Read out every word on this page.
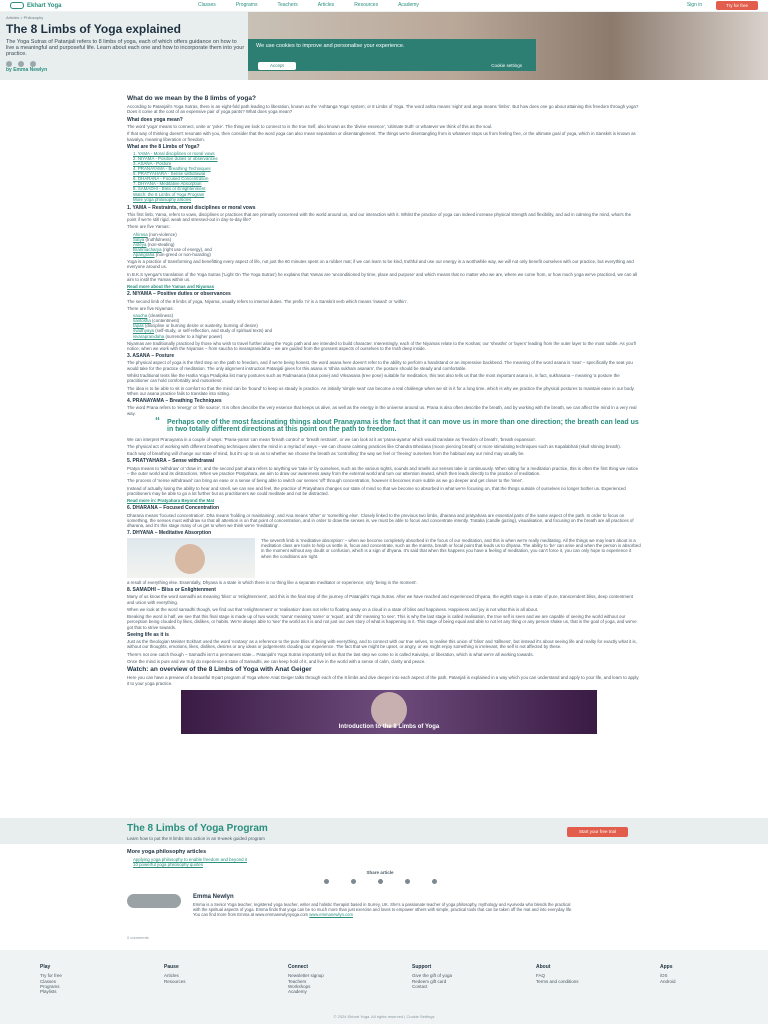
Ekhart Yoga	Classes	Programs	Teachers	Articles	Resources	Academy	Sign in	Try for free
Articles > Philosophy
The 8 Limbs of Yoga explained
The Yoga Sutras of Patanjali refers to 8 limbs of yoga, each of which offers guidance on how to live a meaningful and purposeful life. Learn about each one and how to incorporate them into your practice.
by Emma Newlyn
We use cookies to improve and personalise your experience.
Accept	Cookie settings
What do we mean by the 8 limbs of yoga?
According to Patanjali's Yoga Sutras, there is an eight-fold path leading to liberation, known as the 'Ashtanga Yoga' system; or 8 Limbs of Yoga. The word ashta means 'eight' and anga means 'limbs'. But how does one go about attaining this freedom through yoga? Does it come at the cost of an expensive pair of yoga pants? What does yoga mean?
What does yoga mean?
The word 'yoga' means to connect, unite or 'yoke'. The thing we look to connect to is the true Self, also known as the 'divine essence', 'ultimate truth' or whatever we think of this as the soul.
If that way of thinking doesn't resonate with you, then consider that the word yoga can also mean separation or disentanglement. The things we're disentangling from is whatever stops us from feeling free, or the ultimate goal of yoga, which in Sanskrit is known as kaivalya, meaning liberation or freedom.
What are the 8 Limbs of Yoga?
1. YAMA - Moral disciplines or moral vows
2. NIYAMA - Positive duties or observances
3. ASANA - Posture
4. PRANAYAMA - Breathing Techniques
5. PRATYAHARA - Sense withdrawal
6. DHARANA - Focused Concentration
7. DHYANA - Meditative Absorption
8. SAMADHI - Bliss or Enlightenment
Watch: the 8 Limbs of Yoga Program
More yoga philosophy articles
1. YAMA – Restraints, moral disciplines or moral vows
This first limb, Yama, refers to vows, disciplines or practices that are primarily concerned with the world around us, and our interaction with it. Whilst the practice of yoga can indeed increase physical strength and flexibility, and aid in calming the mind, what's the point if we're still rigid, weak and stressed-out in day-to-day life?
There are five Yamas:
Ahimsa (non-violence)
Satya (truthfulness)
Asteya (non-stealing)
Brahmacharya (right use of energy), and
Aparigraha (non-greed or non-hoarding)
Yoga is a practice of transforming and benefitting every aspect of life, not just the 60 minutes spent on a rubber mat; if we can learn to be kind, truthful and use our energy in a worthwhile way, we will not only benefit ourselves with our practice, but everything and everyone around us.
In B.K.S Iyengar's translation of the Yoga Sutras ('Light On The Yoga Sutras') he explains that Yamas are 'unconditioned by time, place and purpose' and which means that no matter who we are, where we come from, or how much yoga we've practiced, we can all aim to instil the Yamas within us.
Read more about the Yamas and Niyamas
2. NIYAMA – Positive duties or observances
The second limb of the 8 limbs of yoga, Niyama, usually refers to internal duties. The prefix 'ni' is a Sanskrit verb which means 'inward' or 'within'.
There are five Niyamas:
saucha (cleanliness)
santosha (contentment)
tapas (discipline or burning desire or austerity, burning of desire)
svadhyaya (self-study, or self-reflection, and study of spiritual texts) and
isvarapranidaha (surrender to a higher power)
Niyamas are traditionally practiced by those who wish to travel further along the Yogic path and are intended to build character. Interestingly, each of the Niyamas relate to the Koshas; our 'sheaths' or 'layers' leading from the outer layer to the most subtle. As you'll notice, when we work with the Niyamas – from saucha to isvarapranidaha – we are guided from the grossest aspects of ourselves to the truth deep inside.
3. ASANA – Posture
The physical aspect of yoga is the third step on the path to freedom, and if we're being honest, the word asana here doesn't refer to the ability to perform a handstand or an impressive backbend. The meaning of the word asana is 'seat' – specifically the seat you would take for the practice of meditation. The only alignment instruction Patanjali gives for this asana is 'sthira sukham asanam', the posture should be steady and comfortable.
Whilst traditional texts like the Hatha Yoga Pradipika list many postures such as Padmasana (lotus pose) and Vrksasana (tree pose) suitable for meditation, this text also tells us that the most important asana is, in fact, sukhasana – meaning 'a posture the practitioner can hold comfortably and motionless'.
The idea is to be able to sit in comfort so that the mind can be 'bound' to keep us steady in practice. An initially 'simple seat' can become a real challenge when we sit in it for a long time, which is why we practice the physical postures to maintain ease in our body. When our asana practice fails to translate into sitting.
4. PRANAYAMA – Breathing Techniques
The word Prana refers to 'energy' or 'life source'. It is often describe the very essence that keeps us alive, as well as the energy in the universe around us. Prana is also often describe the breath, and by working with the breath, we can affect the mind in a very real way.
“ Perhaps one of the most fascinating things about Pranayama is the fact that it can move us in more than one direction; the breath can lead us in two totally different directions at this point on the path to freedom.
We can interpret Pranayama in a couple of ways: 'Prana-yama' can mean 'breath control' or 'breath restraint', or we can look at it as 'prana-ayama' which would translate as 'freedom of breath', 'breath expansion'.
The physical act of working with different breathing techniques alters the mind in a myriad of ways – we can choose calming practices like Chandra Bhedana (moon piercing breath) or more stimulating techniques such as Kapalabhati (skull shining breath).
Each way of breathing will change our state of mind, but it's up to us as to whether we choose the breath as 'controlling' the way we feel or 'freeing' ourselves from the habitual way our mind may usually be.
5. PRATYAHARA – Sense withdrawal
Pratya means to 'withdraw' or 'draw in', and the second part ahara refers to anything we 'take in' by ourselves, such as the various sights, sounds and smells our senses take in continuously. When sitting for a meditation practice, this is often the first thing we notice – the outer world and its distractions. When we practice Pratyahara, we aim to draw our awareness away from the external world and turn our attention inward, which then leads directly to the practice of meditation.
The process of 'sense withdrawal' can bring an ease or a sense of being able to switch our senses 'off' through concentration, however it becomes more subtle as we go deeper and get closer to the 'inner'.
Instead of actually losing the ability to hear and smell, we can see and feel, the practice of Pratyahara changes our state of mind so that we become so absorbed in what we're focusing on, that the things outside of ourselves no longer bother us. Experienced practitioners may be able to go a lot further but as practitioners we could meditate and not be distracted.
Read more in: Pratyahara Beyond the Mat
6. DHARANA – Focused Concentration
Dharana means 'focused concentration'. Dha means 'holding or maintaining', and Ana means 'other' or 'something else'. Closely linked to the previous two limbs, dharana and pratyahara are essential parts of the same aspect of the path. In order to focus on something, the senses must withdraw so that all attention is on that point of concentration, and in order to draw the senses in, we must be able to focus and concentrate intently. Trataka (candle gazing), visualisation, and focusing on the breath are all practices of dharana, and it's this stage many of us get to when we think we're 'meditating'.
7. DHYANA – Meditative Absorption
The seventh limb is 'meditative absorption' – when we become completely absorbed in the focus of our meditation, and this is when we're really meditating. All the things we may learn about in a meditation class are tools to help us settle in, focus and concentrate, such as the mantra, breath or focal point that leads us to dhyana. The ability to 'be' can arise and when the person is absorbed in the moment without any doubt or confusion, which is a sign of dhyana. It's said that when this happens you have a feeling of meditation, you can't force it, you can only hope to experience it when the conditions are right.
a result of everything else. Essentially, Dhyana is a state in which there is no thing like a separate meditator or experience; only 'being in the moment'.
8. SAMADHI – Bliss or Enlightenment
Many of us know the word samadhi as meaning 'bliss' or 'enlightenment', and this is the final step of the journey of Patanjali's Yoga Sutras. After we have reached and experienced Dhyana, the eighth stage is a state of pure, transcendent bliss, deep contentment and union with everything.
When we look at the word samadhi though, we find out that 'enlightenment' or 'realisation' does not refer to floating away on a cloud in a state of bliss and happiness. Happiness and joy is not what this is all about.
Breaking the word in half, we see that this final stage is made up of two words; 'sama' meaning 'same' or 'equal', and 'dhi' meaning 'to see'. This is why the last stage is called realisation, the true self is seen and we are capable of seeing the world without our perception being clouded by likes, dislikes, or habits. We're always able to 'see' the world as it is and not just our own story of what is happening in it. This stage of being equal and able to not let any thing or any person shake us, that is the goal of yoga, and we've got that to strive towards.
Seeing life as it is
Just as the theologian Meister Eckhart used the word 'ecstasy' as a reference to the pure bliss of being with everything, and to connect with our true selves, to realise this union of 'bliss' and 'stillness', but instead it's about seeing life and reality for exactly what it is, without our thoughts, emotions, likes, dislikes, desires or any ideas or judgements clouding our experience. The fact that we might be upset, or angry, or we might enjoy something is irrelevant, the self is not affected by these.
There's not one catch though – Samadhi isn't a permanent state... Patanjali's Yoga Sutras importantly tell us that the last step we come to is called Kaivalya, or liberation, which is what we're all working towards.
Once the mind is pure and we truly do experience a state of Samadhi, we can keep hold of it, and live in the world with a sense of calm, clarity and peace.
Watch: an overview of the 8 Limbs of Yoga with Anat Geiger
Here you can have a preview of a beautiful 8-part program of Yoga where Anat Geiger talks through each of the 8 limbs and dive deeper into each aspect of the path. Patanjali is explained in a way which you can understand and apply to your life, and learn to apply it to your yoga practice.
Introduction to the 8 Limbs of Yoga
The 8 Limbs of Yoga Program
Learn how to put the 8 limbs into action in an 8-week guided program
Start your free trial
More yoga philosophy articles
Applying yoga philosophy to enable freedom and beyond it
10 powerful yoga philosophy quotes
Share article
Emma Newlyn
Emma is a Senior Yoga teacher, registered yoga teacher, writer and holistic therapist based in Surrey, UK. She's a passionate teacher of yoga philosophy, mythology and Ayurveda who blends the practical with the spiritual aspects of yoga. Emma finds that yoga can be so much more than just exercise and loves to empower others with simple, practical tools that can be taken off the mat and into everyday life. You can find more from Emma at www.emmanewlynyoga.com www.emmanewlyn.com
0 comments
Play
Try for free
Classes
Programs
Playlists
Pause
Articles
Resources
Connect
Newsletter signup
Teachers
Workshops
Academy
Support
Give the gift of yoga
Redeem gift card
Contact
About
FAQ
Terms and conditions
Apps
iOS
Android
© 2024 Ekhart Yoga. All rights reserved | Cookie Settings
